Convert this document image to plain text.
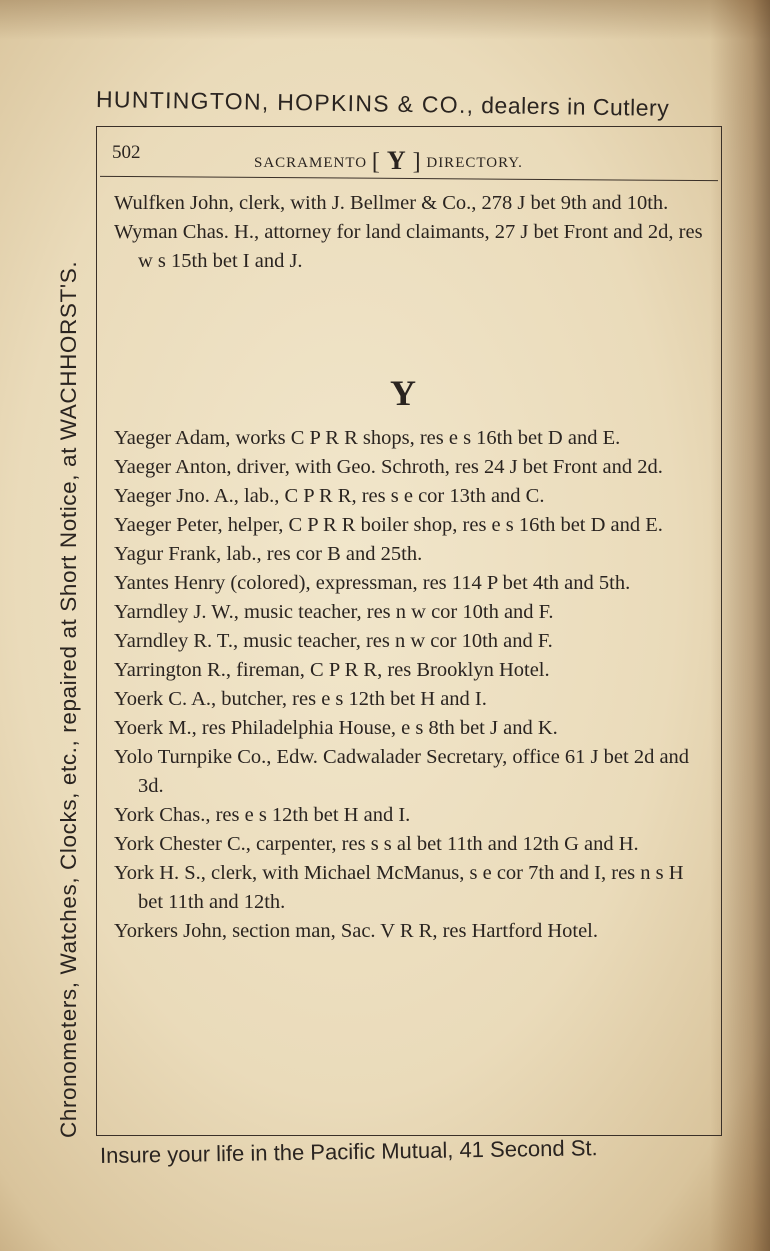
HUNTINGTON, HOPKINS & CO., dealers in Cutlery
Chronometers, Watches, Clocks, etc., repaired at Short Notice, at WACHHORST'S.
502	SACRAMENTO [ Y ] DIRECTORY.

Wulfken John, clerk, with J. Bellmer & Co., 278 J bet 9th and 10th.

Wyman Chas. H., attorney for land claimants, 27 J bet Front and 2d, res w s 15th bet I and J.

Y

Yaeger Adam, works C P R R shops, res e s 16th bet D and E.

Yaeger Anton, driver, with Geo. Schroth, res 24 J bet Front and 2d.

Yaeger Jno. A., lab., C P R R, res s e cor 13th and C.

Yaeger Peter, helper, C P R R boiler shop, res e s 16th bet D and E.

Yagur Frank, lab., res cor B and 25th.

Yantes Henry (colored), expressman, res 114 P bet 4th and 5th.

Yarndley J. W., music teacher, res n w cor 10th and F.

Yarndley R. T., music teacher, res n w cor 10th and F.

Yarrington R., fireman, C P R R, res Brooklyn Hotel.

Yoerk C. A., butcher, res e s 12th bet H and I.

Yoerk M., res Philadelphia House, e s 8th bet J and K.

Yolo Turnpike Co., Edw. Cadwalader Secretary, office 61 J bet 2d and 3d.

York Chas., res e s 12th bet H and I.

York Chester C., carpenter, res s s al bet 11th and 12th G and H.

York H. S., clerk, with Michael McManus, s e cor 7th and I, res n s H bet 11th and 12th.

Yorkers John, section man, Sac. V R R, res Hartford Hotel.

Insure your life in the Pacific Mutual, 41 Second St.
